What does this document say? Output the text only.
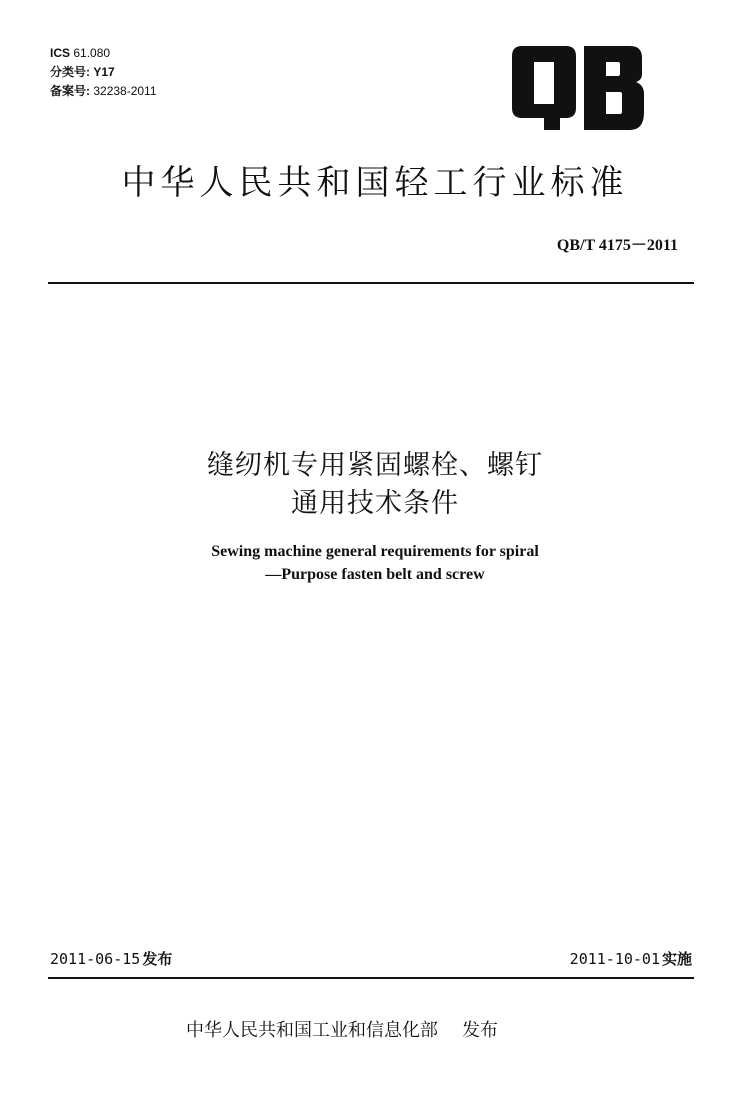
ICS 61.080
分类号: Y17
备案号: 32238-2011
中华人民共和国轻工行业标准
QB/T 4175－2011
缝纫机专用紧固螺栓、螺钉
通用技术条件
Sewing machine general requirements for spiral
—Purpose fasten belt and screw
2011-06-15 发布	2011-10-01 实施
中华人民共和国工业和信息化部 发布
